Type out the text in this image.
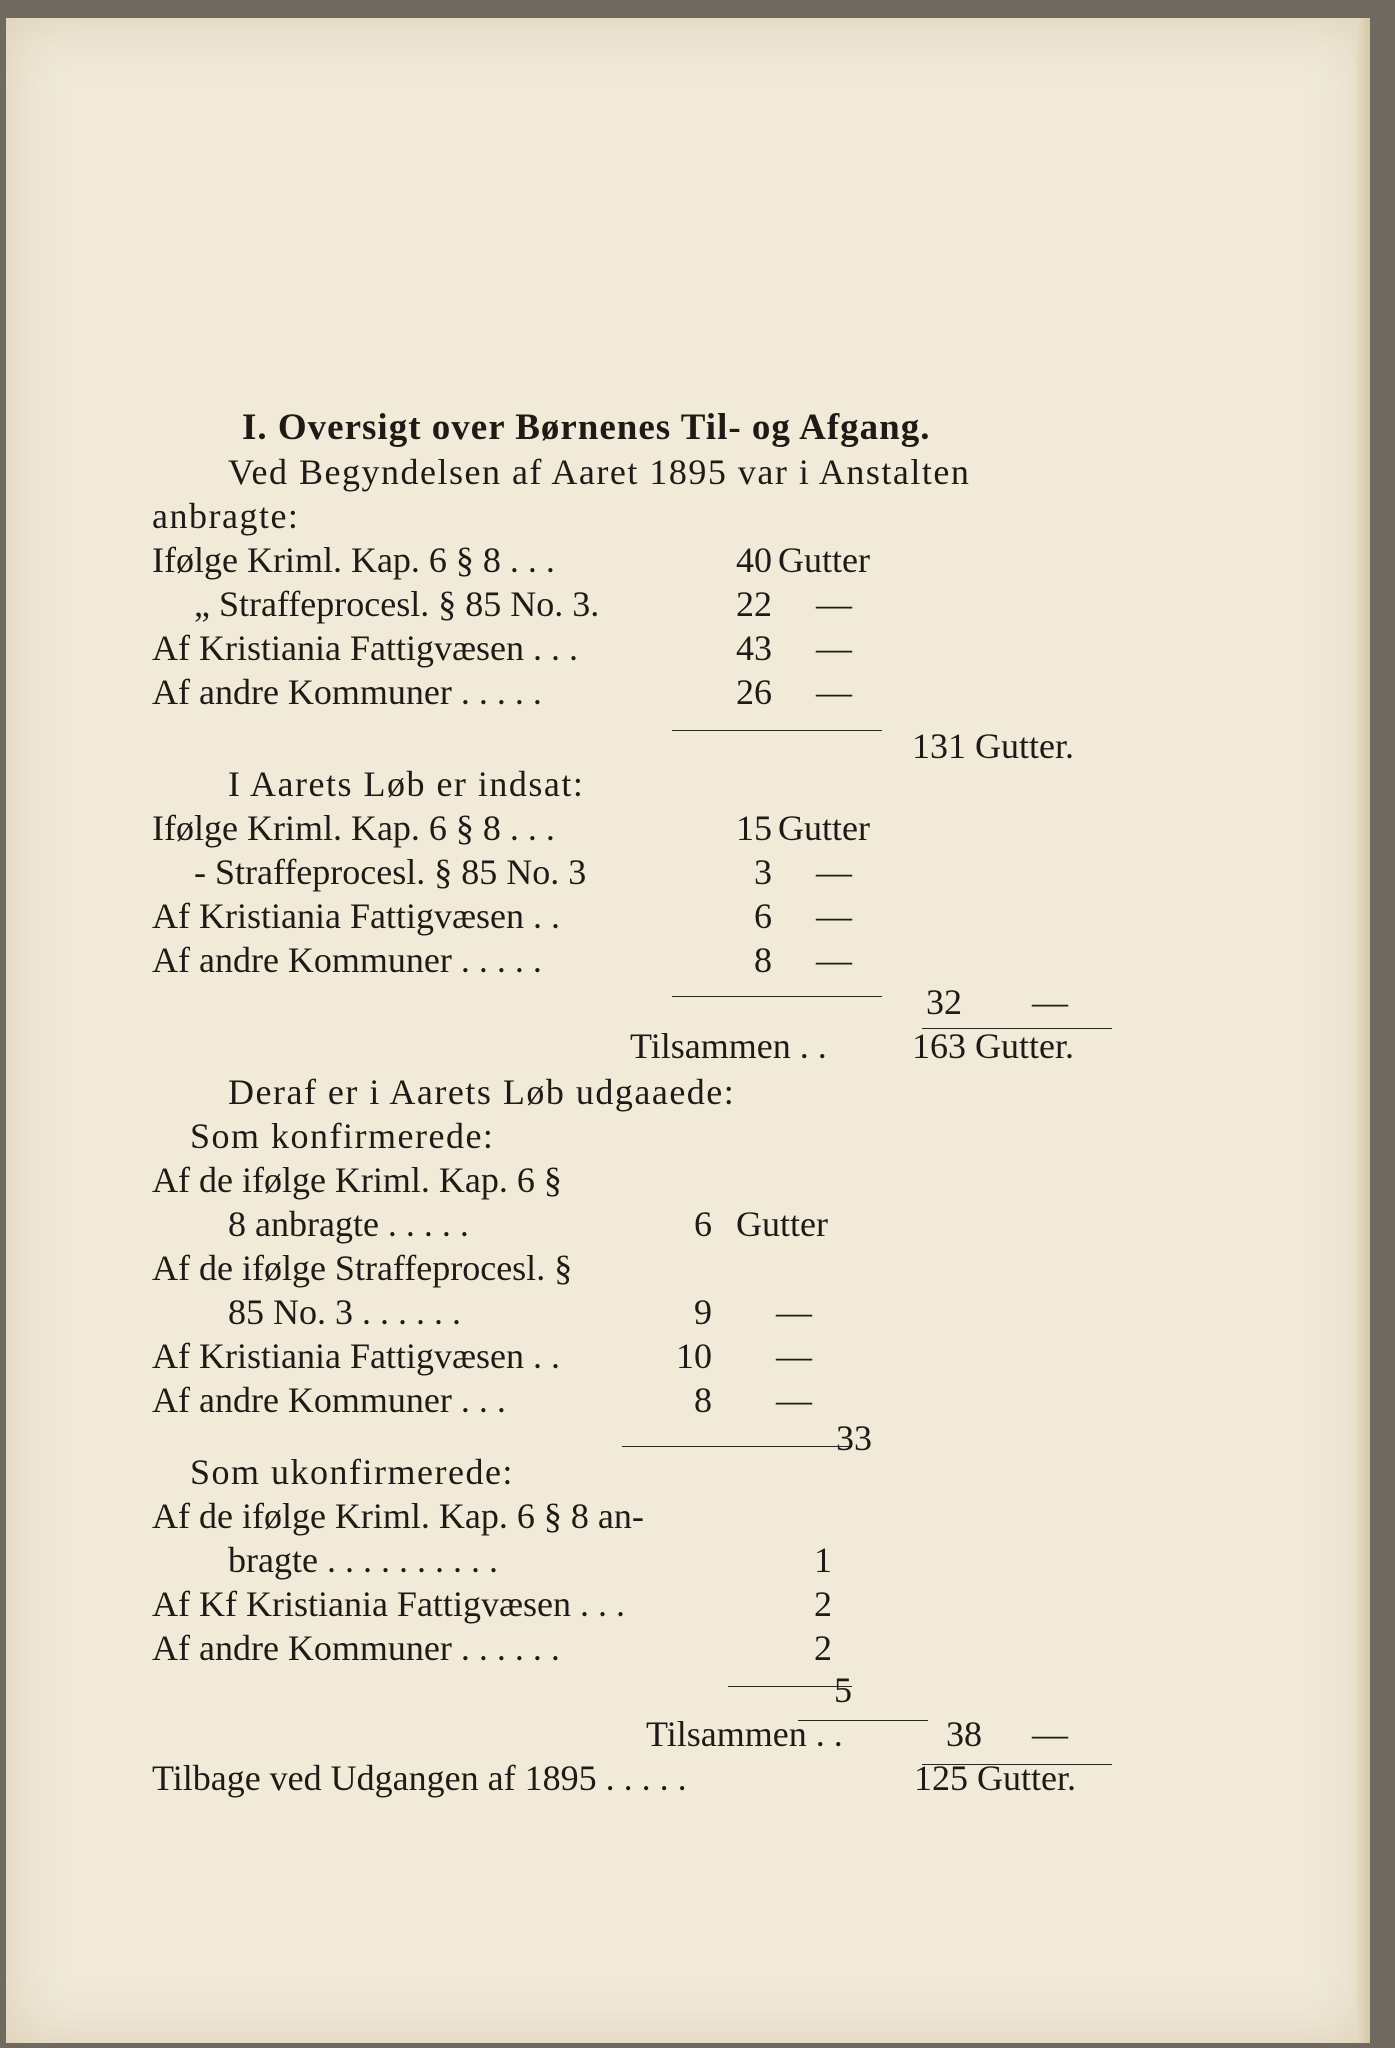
I. Oversigt over Børnenes Til- og Afgang.
Ved Begyndelsen af Aaret 1895 var i Anstalten
anbragte:
Ifølge Kriml. Kap. 6 § 8 . . .	40 Gutter
„ Straffeprocesl. § 85 No. 3.	22 —
Af Kristiania Fattigvæsen . . .	43 —
Af andre Kommuner . . . . .	26 —
131 Gutter.
I Aarets Løb er indsat:
Ifølge Kriml. Kap. 6 § 8 . . .	15 Gutter
- Straffeprocesl. § 85 No. 3	3 —
Af Kristiania Fattigvæsen . .	6 —
Af andre Kommuner . . . . .	8 —
32 —
Tilsammen . . 163 Gutter.
Deraf er i Aarets Løb udgaaede:
Som konfirmerede:
Af de ifølge Kriml. Kap. 6 §
8 anbragte . . . . .	6 Gutter
Af de ifølge Straffeprocesl. §
85 No. 3 . . . . . .	9 —
Af Kristiania Fattigvæsen . .	10 —
Af andre Kommuner . . .	8 —
33
Som ukonfirmerede:
Af de ifølge Kriml. Kap. 6 § 8 an-
bragte . . . . . . . . . .	1
Af Kf Kristiania Fattigvæsen . . .	2
Af andre Kommuner . . . . . .	2
5
Tilsammen . .	38 —
Tilbage ved Udgangen af 1895 . . . . .	125 Gutter.
